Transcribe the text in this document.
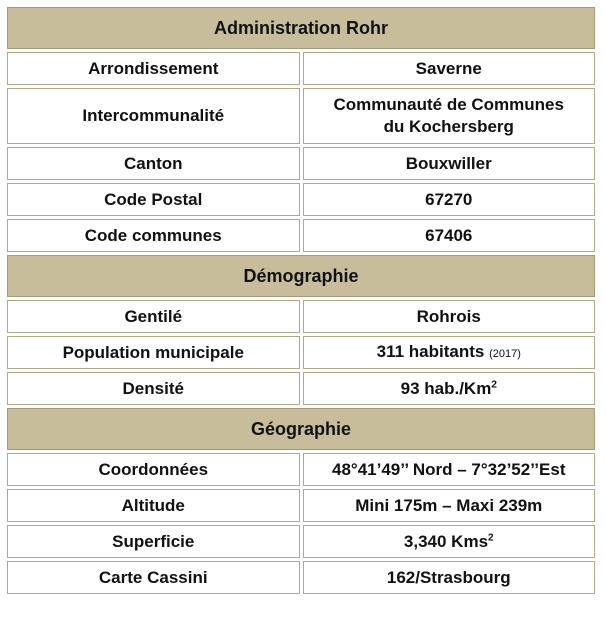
Administration Rohr	
Arrondissement	Saverne
Intercommunalité	Communauté de Communes
du Kochersberg
Canton	Bouxwiller
Code Postal	67270
Code communes	67406
Démographie	
Gentilé	Rohrois
Population municipale	311 habitants (2017)
Densité	93 hab./Km$^2$
Géographie	
Coordonnées	48°41’49’’ Nord – 7°32’52’’Est
Altitude	Mini 175m – Maxi 239m
Superficie	3,340 Kms$^2$
Carte Cassini	162/Strasbourg
